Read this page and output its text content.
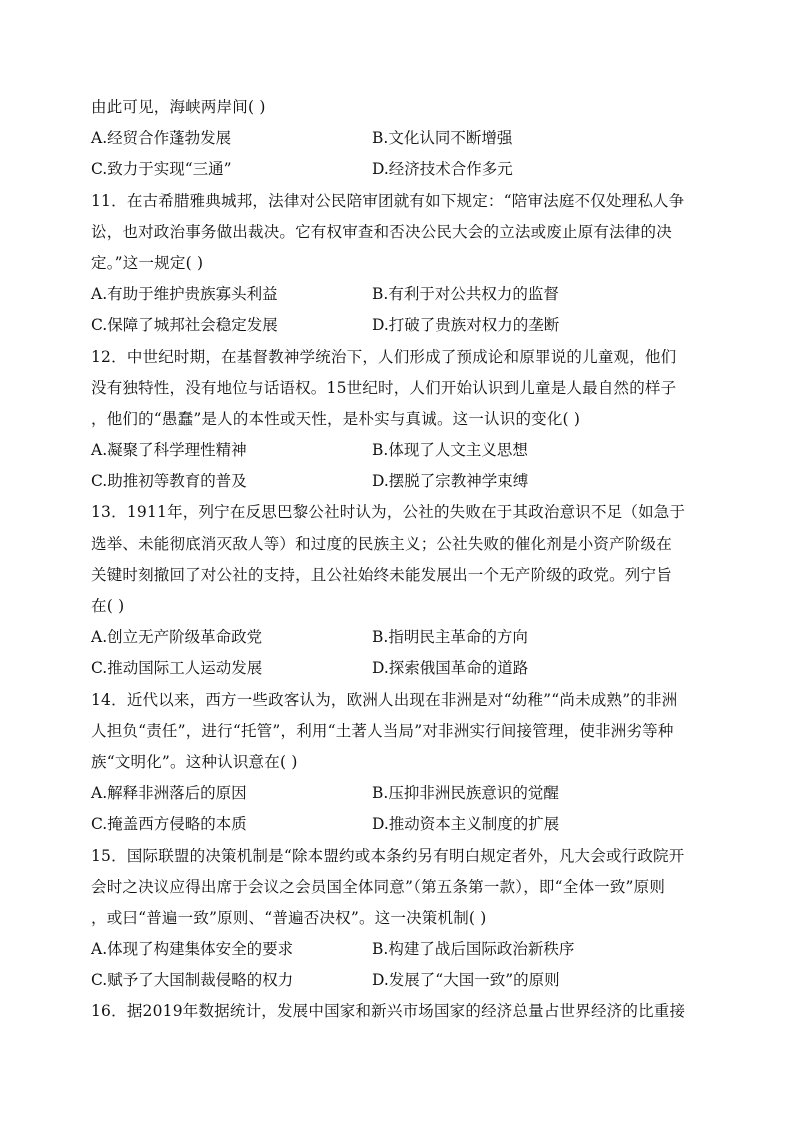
由此可见，海峡两岸间( )
A.经贸合作蓬勃发展	B.文化认同不断增强
C.致力于实现“三通”	D.经济技术合作多元
11．在古希腊雅典城邦，法律对公民陪审团就有如下规定：“陪审法庭不仅处理私人争
讼，也对政治事务做出裁决。它有权审查和否决公民大会的立法或废止原有法律的决
定。”这一规定( )
A.有助于维护贵族寡头利益	B.有利于对公共权力的监督
C.保障了城邦社会稳定发展	D.打破了贵族对权力的垄断
12．中世纪时期，在基督教神学统治下，人们形成了预成论和原罪说的儿童观，他们
没有独特性，没有地位与话语权。15世纪时，人们开始认识到儿童是人最自然的样子
，他们的“愚蠢”是人的本性或天性，是朴实与真诚。这一认识的变化( )
A.凝聚了科学理性精神	B.体现了人文主义思想
C.助推初等教育的普及	D.摆脱了宗教神学束缚
13．1911年，列宁在反思巴黎公社时认为，公社的失败在于其政治意识不足（如急于
选举、未能彻底消灭敌人等）和过度的民族主义；公社失败的催化剂是小资产阶级在
关键时刻撤回了对公社的支持，且公社始终未能发展出一个无产阶级的政党。列宁旨
在( )
A.创立无产阶级革命政党	B.指明民主革命的方向
C.推动国际工人运动发展	D.探索俄国革命的道路
14．近代以来，西方一些政客认为，欧洲人出现在非洲是对“幼稚”“尚未成熟”的非洲
人担负“责任”，进行“托管”，利用“土著人当局”对非洲实行间接管理，使非洲劣等种
族“文明化”。这种认识意在( )
A.解释非洲落后的原因	B.压抑非洲民族意识的觉醒
C.掩盖西方侵略的本质	D.推动资本主义制度的扩展
15．国际联盟的决策机制是“除本盟约或本条约另有明白规定者外，凡大会或行政院开
会时之决议应得出席于会议之会员国全体同意”（第五条第一款），即“全体一致”原则
，或曰“普遍一致”原则、“普遍否决权”。这一决策机制( )
A.体现了构建集体安全的要求	B.构建了战后国际政治新秩序
C.赋予了大国制裁侵略的权力	D.发展了“大国一致”的原则
16．据2019年数据统计，发展中国家和新兴市场国家的经济总量占世界经济的比重接
